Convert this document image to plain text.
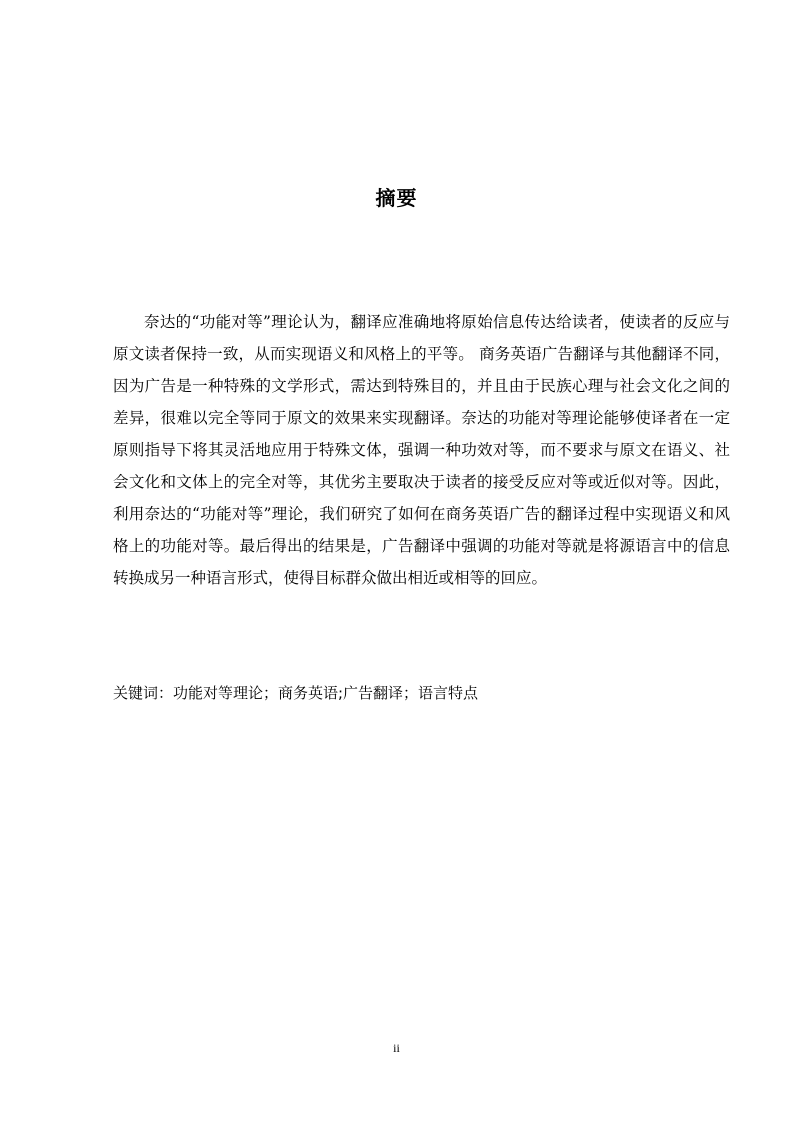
摘要

奈达的“功能对等”理论认为，翻译应准确地将原始信息传达给读者，使读者的反应与原文读者保持一致，从而实现语义和风格上的平等。 商务英语广告翻译与其他翻译不同，因为广告是一种特殊的文学形式，需达到特殊目的，并且由于民族心理与社会文化之间的差异，很难以完全等同于原文的效果来实现翻译。奈达的功能对等理论能够使译者在一定原则指导下将其灵活地应用于特殊文体，强调一种功效对等，而不要求与原文在语义、社会文化和文体上的完全对等，其优劣主要取决于读者的接受反应对等或近似对等。因此，利用奈达的“功能对等”理论，我们研究了如何在商务英语广告的翻译过程中实现语义和风格上的功能对等。最后得出的结果是，广告翻译中强调的功能对等就是将源语言中的信息转换成另一种语言形式，使得目标群众做出相近或相等的回应。

关键词：功能对等理论；商务英语;广告翻译；语言特点
ii
